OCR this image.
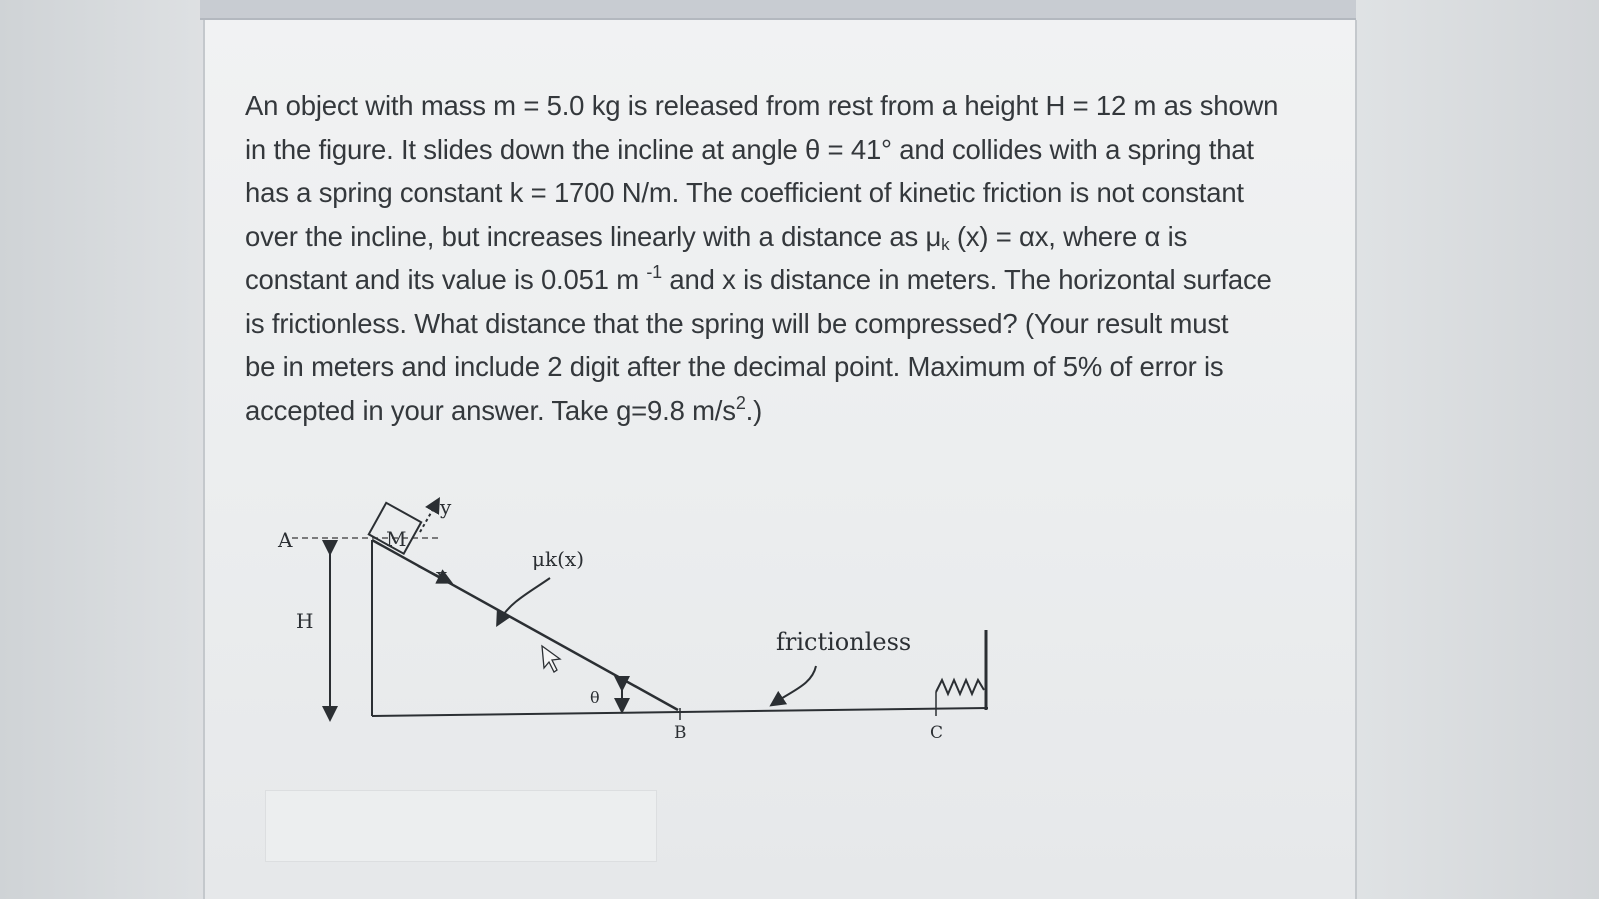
An object with mass m = 5.0 kg is released from rest from a height H = 12 m as shown
in the figure. It slides down the incline at angle θ = 41° and collides with a spring that
has a spring constant k = 1700 N/m. The coefficient of kinetic friction is not constant
over the incline, but increases linearly with a distance as $\mu_k$ (x) = αx, where α is
constant and its value is 0.051 m $^{-1}$ and x is distance in meters. The horizontal surface
is frictionless. What distance that the spring will be compressed? (Your result must
be in meters and include 2 digit after the decimal point. Maximum of 5% of error is
accepted in your answer. Take g=9.8 $m/s^2$.)
A
H
M
y
x
μk(x)
θ
B
frictionless
C
